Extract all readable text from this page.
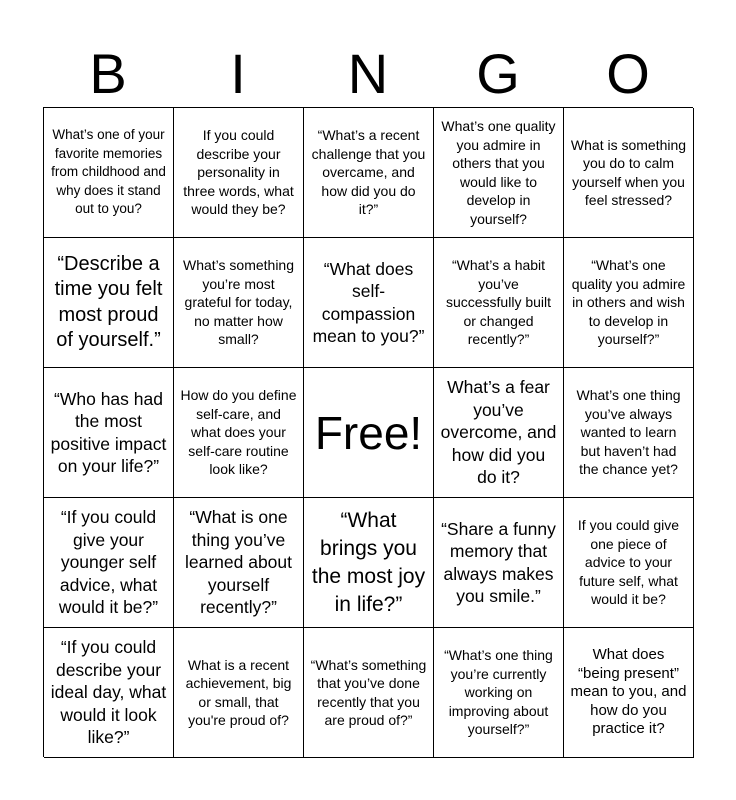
B	I	N	G	O
What’s one of your favorite memories from childhood and why does it stand out to you?
If you could describe your personality in three words, what would they be?
“What’s a recent challenge that you overcame, and how did you do it?”
What’s one quality you admire in others that you would like to develop in yourself?
What is something you do to calm yourself when you feel stressed?
“Describe a time you felt most proud of yourself.”
What’s something you’re most grateful for today, no matter how small?
“What does self-compassion mean to you?”
“What’s a habit you’ve successfully built or changed recently?”
“What’s one quality you admire in others and wish to develop in yourself?”
“Who has had the most positive impact on your life?”
How do you define self-care, and what does your self-care routine look like?
Free!
What’s a fear you’ve overcome, and how did you do it?
What’s one thing you’ve always wanted to learn but haven’t had the chance yet?
“If you could give your younger self advice, what would it be?”
“What is one thing you’ve learned about yourself recently?”
“What brings you the most joy in life?”
“Share a funny memory that always makes you smile.”
If you could give one piece of advice to your future self, what would it be?
“If you could describe your ideal day, what would it look like?”
What is a recent achievement, big or small, that you're proud of?
“What’s something that you’ve done recently that you are proud of?”
“What’s one thing you’re currently working on improving about yourself?”
What does “being present” mean to you, and how do you practice it?
